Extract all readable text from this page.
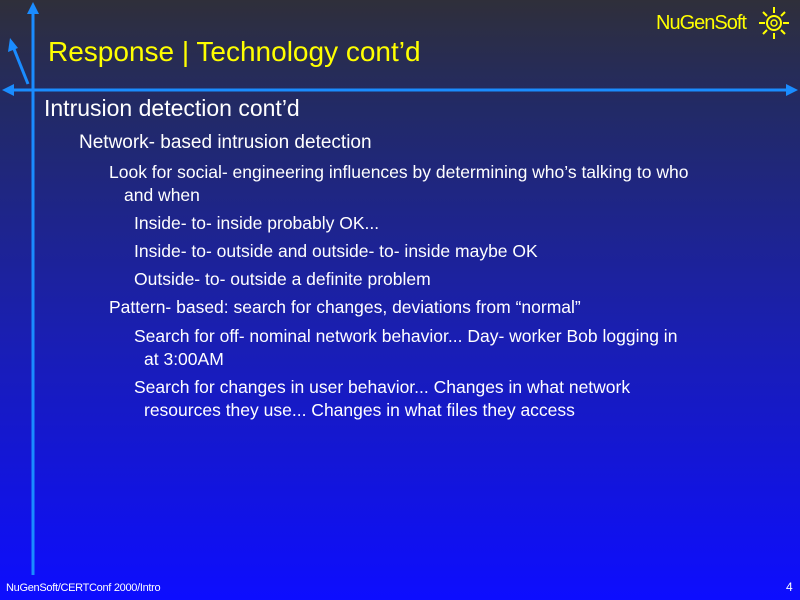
Response | Technology cont’d
NuGenSoft
Intrusion detection cont’d
Network- based intrusion detection
Look for social- engineering influences by determining who’s talking to who
and when
Inside- to- inside probably OK...
Inside- to- outside and outside- to- inside maybe OK
Outside- to- outside a definite problem
Pattern- based: search for changes, deviations from “normal”
Search for off- nominal network behavior... Day- worker Bob logging in
at 3:00AM
Search for changes in user behavior... Changes in what network
resources they use... Changes in what files they access
NuGenSoft/CERTConf 2000/Intro	4
